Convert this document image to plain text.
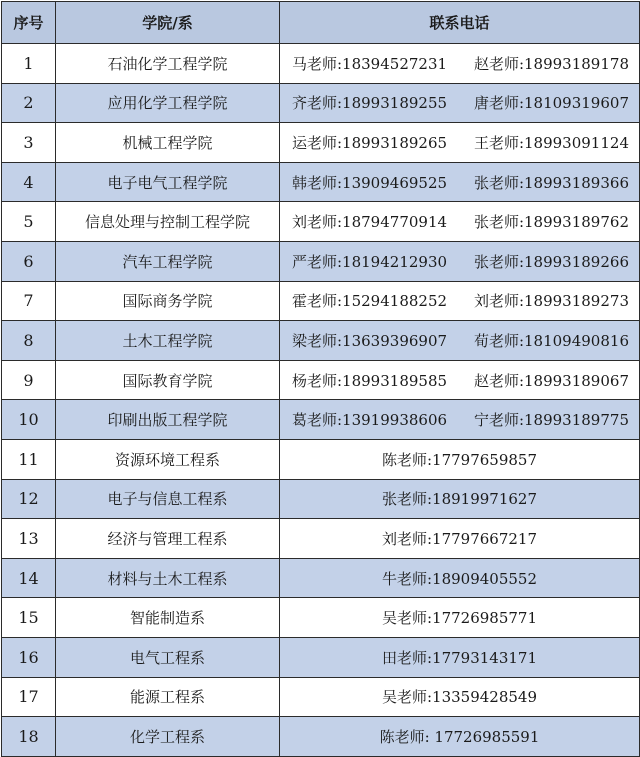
序号	学院/系	联系电话
1	石油化学工程学院	马老师:18394527231 赵老师:18993189178

2	应用化学工程学院	齐老师:18993189255 唐老师:18109319607

3	机械工程学院	运老师:18993189265 王老师:18993091124

4	电子电气工程学院	韩老师:13909469525 张老师:18993189366

5	信息处理与控制工程学院	刘老师:18794770914 张老师:18993189762

6	汽车工程学院	严老师:18194212930 张老师:18993189266

7	国际商务学院	霍老师:15294188252 刘老师:18993189273

8	土木工程学院	梁老师:13639396907 荀老师:18109490816

9	国际教育学院	杨老师:18993189585 赵老师:18993189067

10	印刷出版工程学院	葛老师:13919938606 宁老师:18993189775

11	资源环境工程系	陈老师:17797659857
12	电子与信息工程系	张老师:18919971627
13	经济与管理工程系	刘老师:17797667217
14	材料与土木工程系	牛老师:18909405552
15	智能制造系	吴老师:17726985771
16	电气工程系	田老师:17793143171
17	能源工程系	吴老师:13359428549
18	化学工程系	陈老师: 17726985591
